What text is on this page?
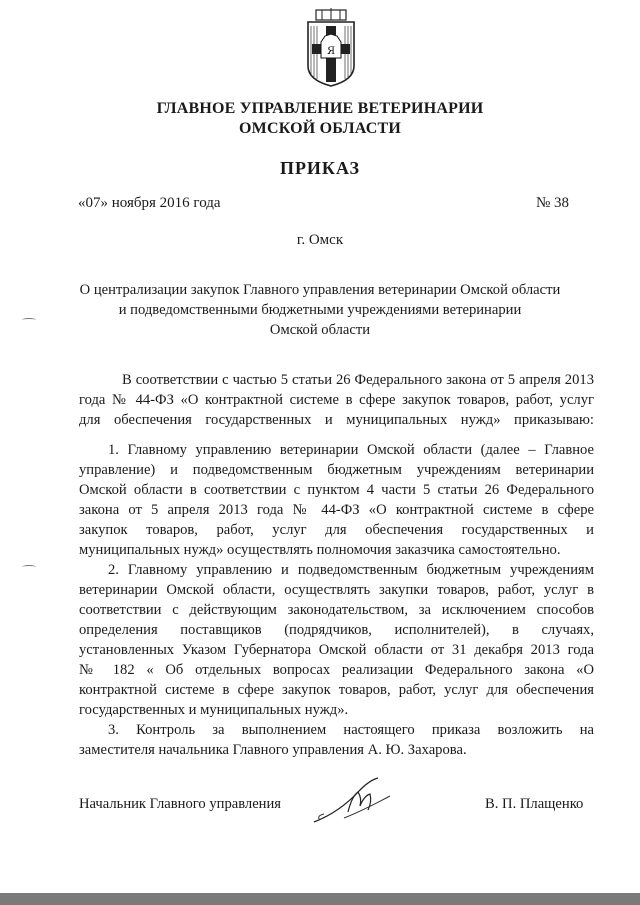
Я
ГЛАВНОЕ УПРАВЛЕНИЕ ВЕТЕРИНАРИИ
ОМСКОЙ ОБЛАСТИ
ПРИКАЗ
«07» ноября 2016 года	№ 38
г. Омск
О централизации закупок Главного управления ветеринарии Омской области
и подведомственными бюджетными учреждениями ветеринарии
Омской области
В соответствии с частью 5 статьи 26 Федерального закона от 5 апреля 2013
года № 44-ФЗ «О контрактной системе в сфере закупок товаров, работ, услуг
для обеспечения государственных и муниципальных нужд» приказываю:
1. Главному управлению ветеринарии Омской области (далее – Главное
управление) и подведомственным бюджетным учреждениям ветеринарии
Омской области в соответствии с пунктом 4 части 5 статьи 26 Федерального
закона от 5 апреля 2013 года № 44-ФЗ «О контрактной системе в сфере
закупок товаров, работ, услуг для обеспечения государственных и
муниципальных нужд» осуществлять полномочия заказчика самостоятельно.
2. Главному управлению и подведомственным бюджетным учреждениям
ветеринарии Омской области, осуществлять закупки товаров, работ, услуг в
соответствии с действующим законодательством, за исключением способов
определения поставщиков (подрядчиков, исполнителей), в случаях,
установленных Указом Губернатора Омской области от 31 декабря 2013 года
№ 182 « Об отдельных вопросах реализации Федерального закона «О
контрактной системе в сфере закупок товаров, работ, услуг для обеспечения
государственных и муниципальных нужд».
3. Контроль за выполнением настоящего приказа возложить на
заместителя начальника Главного управления А. Ю. Захарова.
Начальник Главного управления	В. П. Плащенко
